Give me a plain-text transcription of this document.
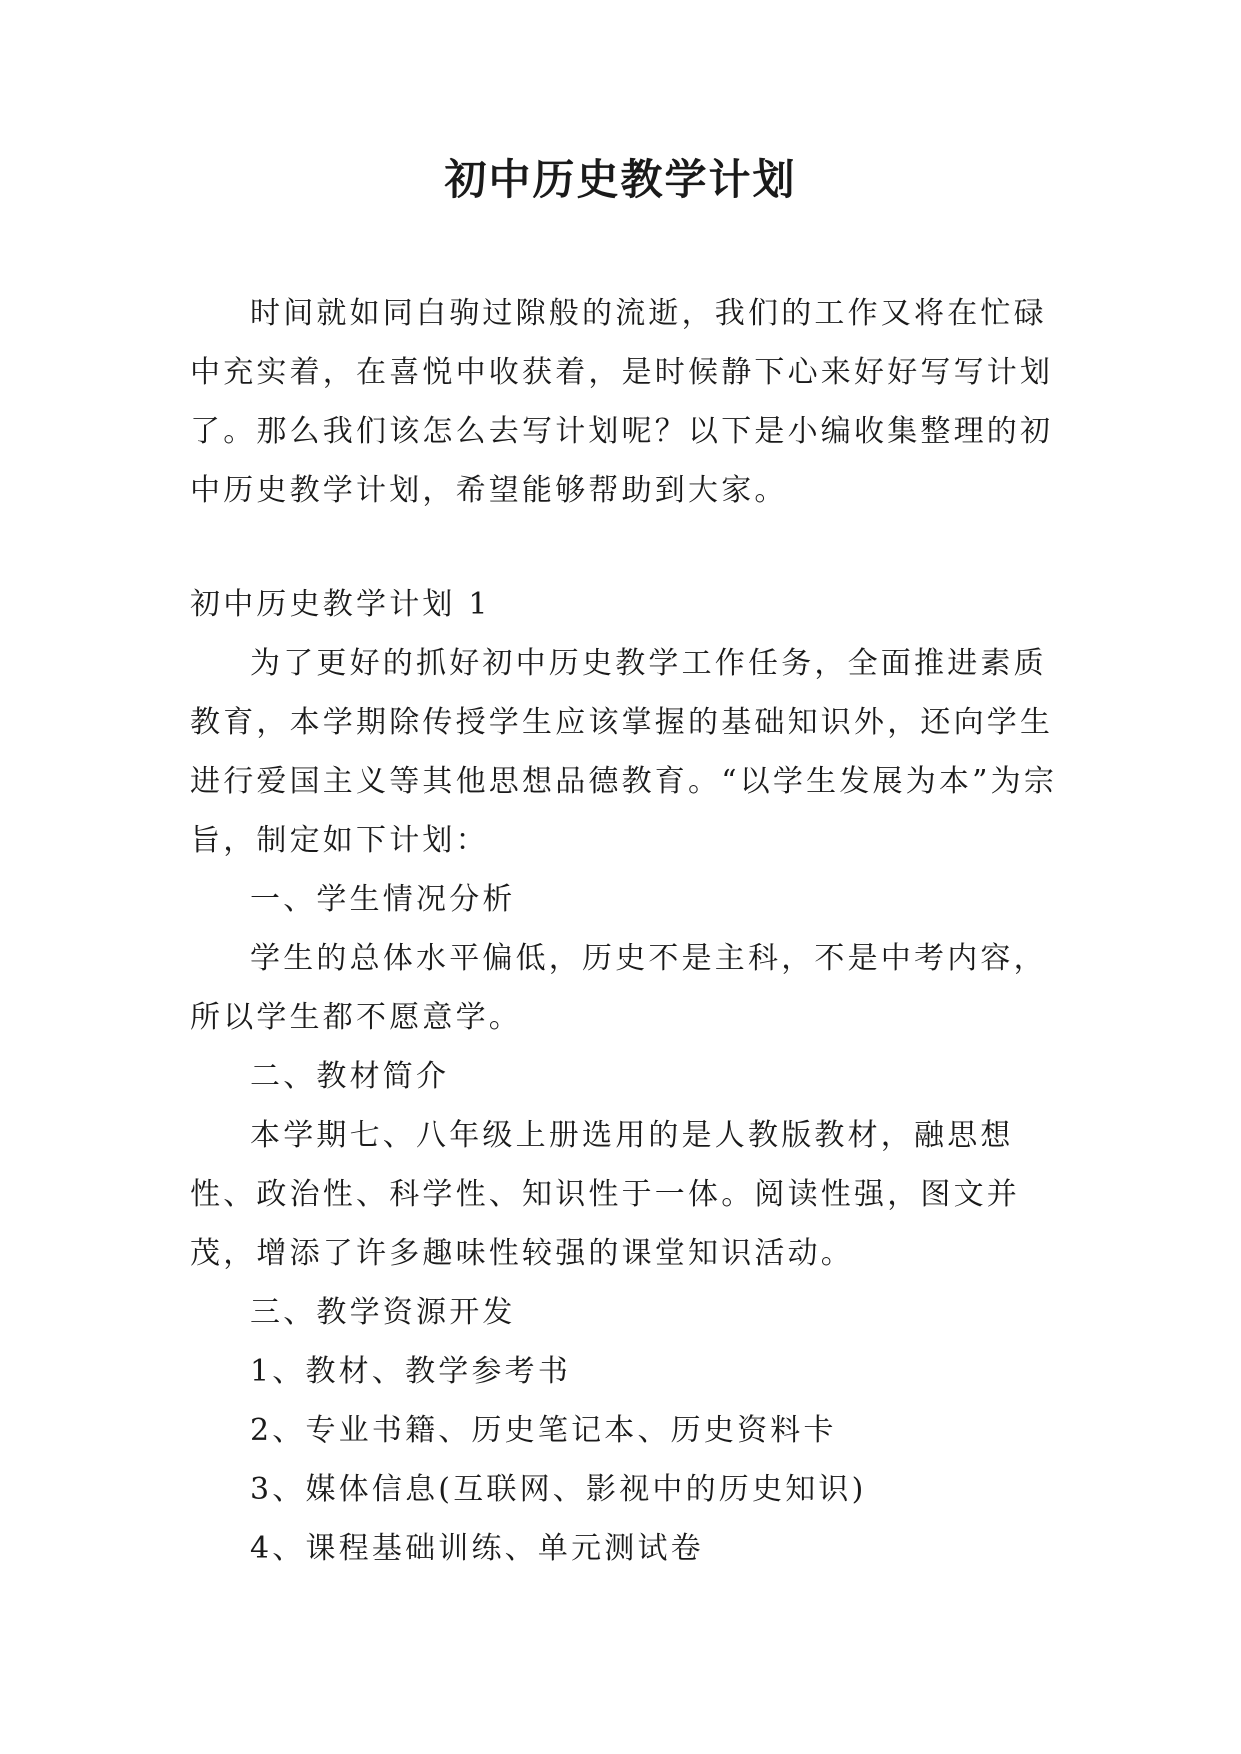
初中历史教学计划

时间就如同白驹过隙般的流逝，我们的工作又将在忙碌中充实着，在喜悦中收获着，是时候静下心来好好写写计划了。那么我们该怎么去写计划呢？以下是小编收集整理的初中历史教学计划，希望能够帮助到大家。

初中历史教学计划 1

为了更好的抓好初中历史教学工作任务，全面推进素质教育，本学期除传授学生应该掌握的基础知识外，还向学生进行爱国主义等其他思想品德教育。“以学生发展为本”为宗旨，制定如下计划：

一、学生情况分析

学生的总体水平偏低，历史不是主科，不是中考内容，所以学生都不愿意学。

二、教材简介

本学期七、八年级上册选用的是人教版教材，融思想性、政治性、科学性、知识性于一体。阅读性强，图文并茂，增添了许多趣味性较强的课堂知识活动。

三、教学资源开发

1、教材、教学参考书

2、专业书籍、历史笔记本、历史资料卡

3、媒体信息(互联网、影视中的历史知识)

4、课程基础训练、单元测试卷
